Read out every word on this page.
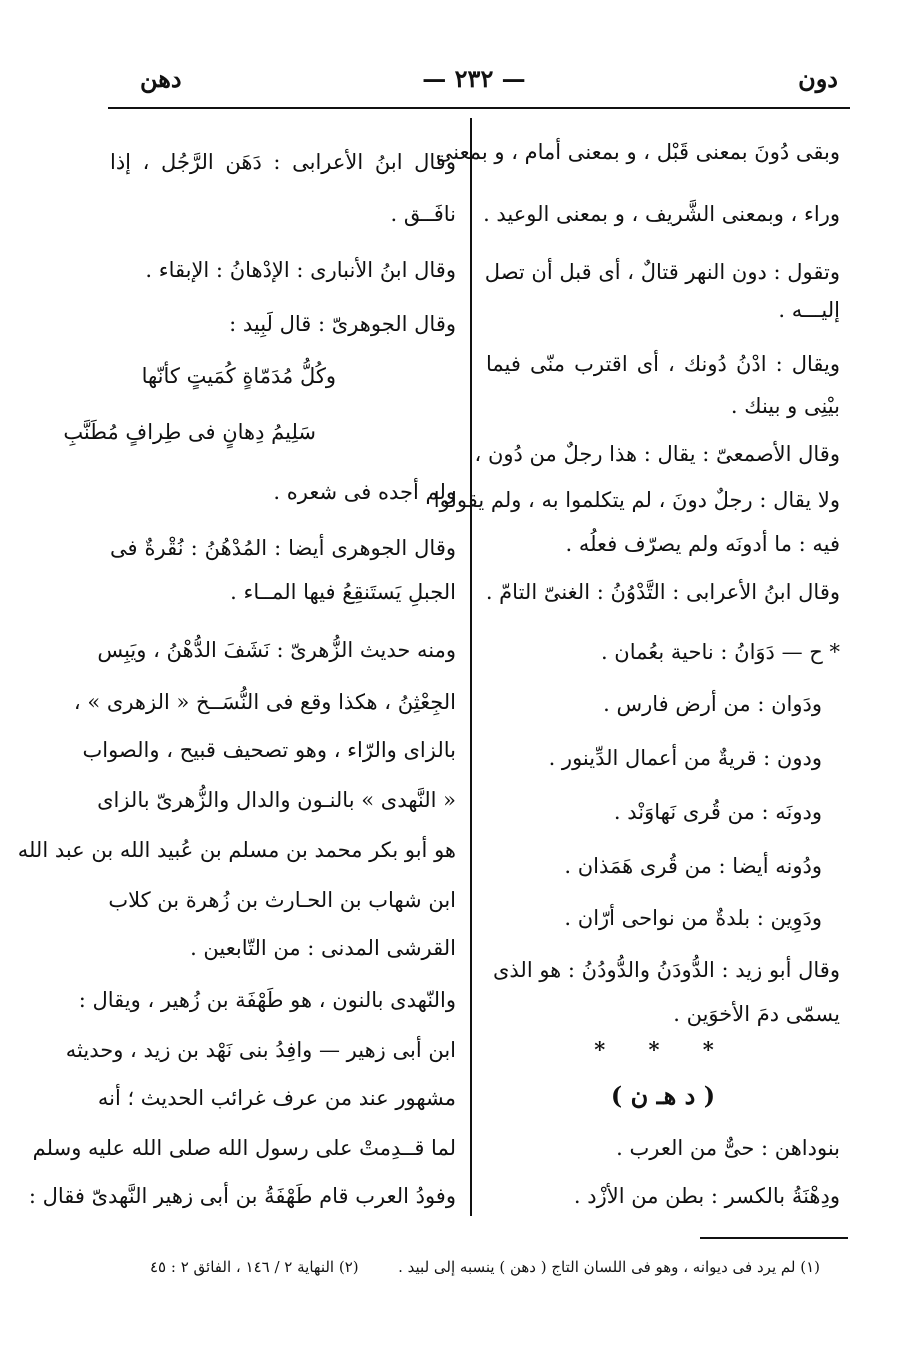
دون
— ٢٣٢ —
دهن
وبقى دُونَ بمعنى قَبْل ، و بمعنى أمام ، و بمعنى
وراء ، وبمعنى الشَّريف ، و بمعنى الوعيد .
وتقول : دون النهر قتالٌ ، أى قبل أن تصل
إليـــه .
ويقال : ادْنُ دُونك ، أى اقترب منّى فيما
بيْنِى و بينك .
وقال الأصمعىّ : يقال : هذا رجلٌ من دُون ،
ولا يقال : رجلٌ دونَ ، لم يتكلموا به ، ولم يقولوا
فيه : ما أدونَه ولم يصرّف فعلُه .
وقال ابنُ الأعرابى : التَّدْوُنُ : الغنىّ التامّ .
* ح — دَوَانُ : ناحية بعُمان .
ودَوان : من أرض فارس .
ودون : قريةٌ من أعمال الدِّينور .
ودونَه : من قُرى نَهاوَنْد .
ودُونه أيضا : من قُرى هَمَذان .
ودَوِين : بلدةٌ من نواحى أرّان .
وقال أبو زيد : الدُّودَنُ والدُّودُنُ : هو الذى
يسمّى دمَ الأخوَين .
* * *
( د هـ ن )
بنوداهن : حىٌّ من العرب .
ودِهْنَةُ بالكسر : بطن من الأزْد .
وقال ابنُ الأعرابى : دَهَن الرَّجُل ، إذا
نافَــق .
وقال ابنُ الأنبارى : الإدْهانُ : الإبقاء .
وقال الجوهرىّ : قال لَبِيد :
وكُلُّ مُدَمّاةٍ كُمَيتٍ كأنّها
سَلِيمُ دِهانٍ فى طِرافٍ مُطَنَّبِ
ولم أجده فى شعره .
وقال الجوهرى أيضا : المُدْهُنُ : نُقْرةٌ فى
الجبلِ يَستَنقِعُ فيها المــاء .
ومنه حديث الزُّهرىّ : نَشَفَ الدُّهْنُ ، ويَبِس
الجِعْثِنُ ، هكذا وقع فى النُّسَــخ « الزهرى » ،
بالزاى والرّاء ، وهو تصحيف قبيح ، والصواب
« النَّهدى » بالنـون والدال والزُّهرىّ بالزاى
هو أبو بكر محمد بن مسلم بن عُبيد الله بن عبد الله
ابن شهاب بن الحـارث بن زُهرة بن كلاب
القرشى المدنى : من التّابعين .
والنّهدى بالنون ، هو طَهْفَة بن زُهير ، ويقال :
ابن أبى زهير — وافِدُ بنى نَهْد بن زيد ، وحديثه
مشهور عند من عرف غرائب الحديث ؛ أنه
لما قــدِمتْ على رسول الله صلى الله عليه وسلم
وفودُ العرب قام طَهْفَةُ بن أبى زهير النَّهدىّ فقال :
(١) لم يرد فى ديوانه ، وهو فى اللسان التاج ( دهن ) ينسبه إلى لبيد .
(٢) النهاية ٢ / ١٤٦ ، الفائق ٢ : ٤٥
